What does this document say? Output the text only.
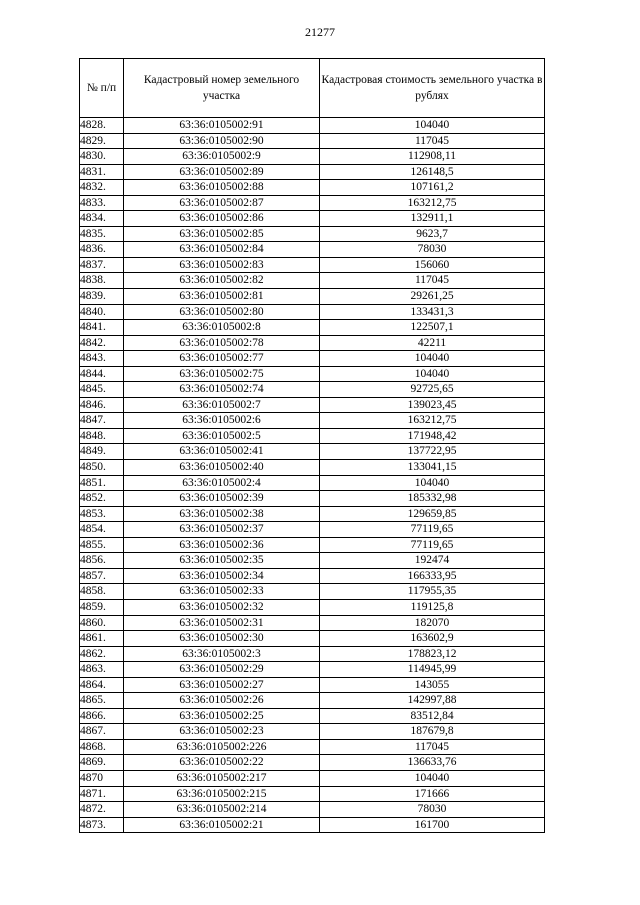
21277
№ п/п	Кадастровый номер земельного участка	Кадастровая стоимость земельного участка в рублях
4828.	63:36:0105002:91	104040
4829.	63:36:0105002:90	117045
4830.	63:36:0105002:9	112908,11
4831.	63:36:0105002:89	126148,5
4832.	63:36:0105002:88	107161,2
4833.	63:36:0105002:87	163212,75
4834.	63:36:0105002:86	132911,1
4835.	63:36:0105002:85	9623,7
4836.	63:36:0105002:84	78030
4837.	63:36:0105002:83	156060
4838.	63:36:0105002:82	117045
4839.	63:36:0105002:81	29261,25
4840.	63:36:0105002:80	133431,3
4841.	63:36:0105002:8	122507,1
4842.	63:36:0105002:78	42211
4843.	63:36:0105002:77	104040
4844.	63:36:0105002:75	104040
4845.	63:36:0105002:74	92725,65
4846.	63:36:0105002:7	139023,45
4847.	63:36:0105002:6	163212,75
4848.	63:36:0105002:5	171948,42
4849.	63:36:0105002:41	137722,95
4850.	63:36:0105002:40	133041,15
4851.	63:36:0105002:4	104040
4852.	63:36:0105002:39	185332,98
4853.	63:36:0105002:38	129659,85
4854.	63:36:0105002:37	77119,65
4855.	63:36:0105002:36	77119,65
4856.	63:36:0105002:35	192474
4857.	63:36:0105002:34	166333,95
4858.	63:36:0105002:33	117955,35
4859.	63:36:0105002:32	119125,8
4860.	63:36:0105002:31	182070
4861.	63:36:0105002:30	163602,9
4862.	63:36:0105002:3	178823,12
4863.	63:36:0105002:29	114945,99
4864.	63:36:0105002:27	143055
4865.	63:36:0105002:26	142997,88
4866.	63:36:0105002:25	83512,84
4867.	63:36:0105002:23	187679,8
4868.	63:36:0105002:226	117045
4869.	63:36:0105002:22	136633,76
4870	63:36:0105002:217	104040
4871.	63:36:0105002:215	171666
4872.	63:36:0105002:214	78030
4873.	63:36:0105002:21	161700
